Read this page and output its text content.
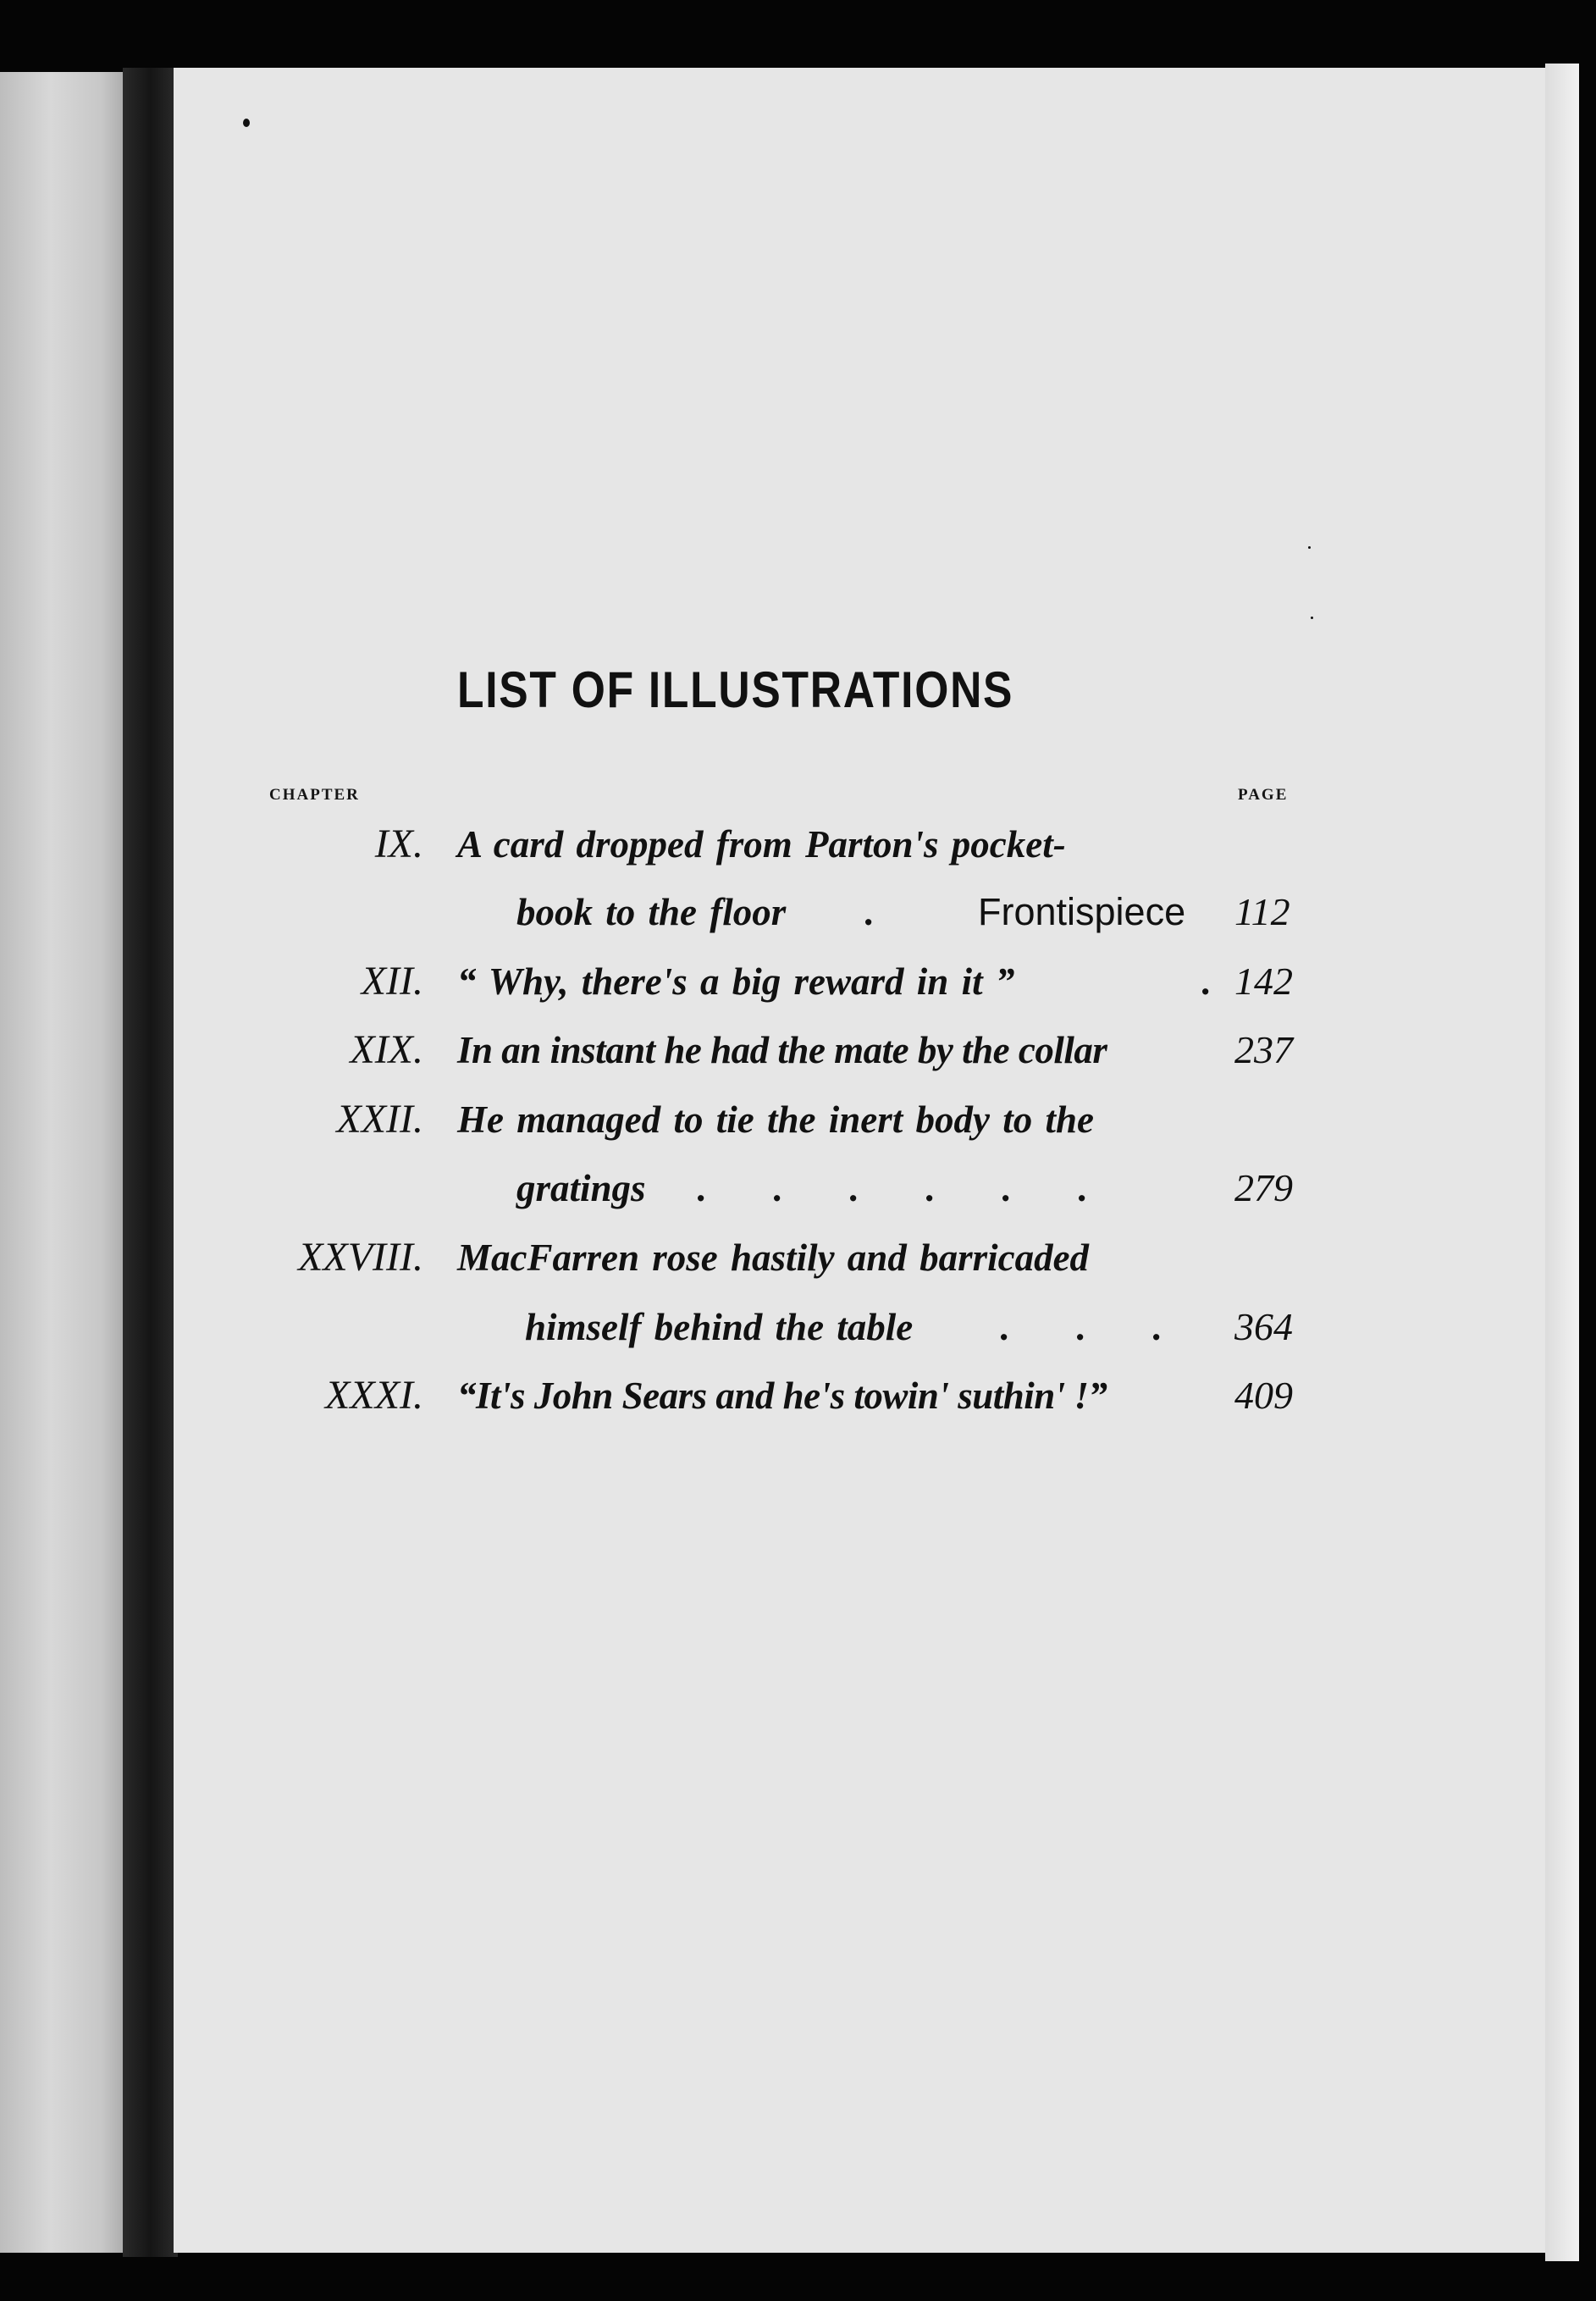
LIST OF ILLUSTRATIONS
CHAPTER	PAGE
IX. A card dropped from Parton's pocket-
book to the floor .	Frontispiece 112
XII. “ Why, there's a big reward in it ”	. 142
XIX. In an instant he had the mate by the collar	237
XXII. He managed to tie the inert body to the
gratings .       .       .       .       .       .	279
XXVIII. MacFarren rose hastily and barricaded
himself behind the table .       .       . 364
XXXI. “It's John Sears and he's towin' suthin' !”	409
